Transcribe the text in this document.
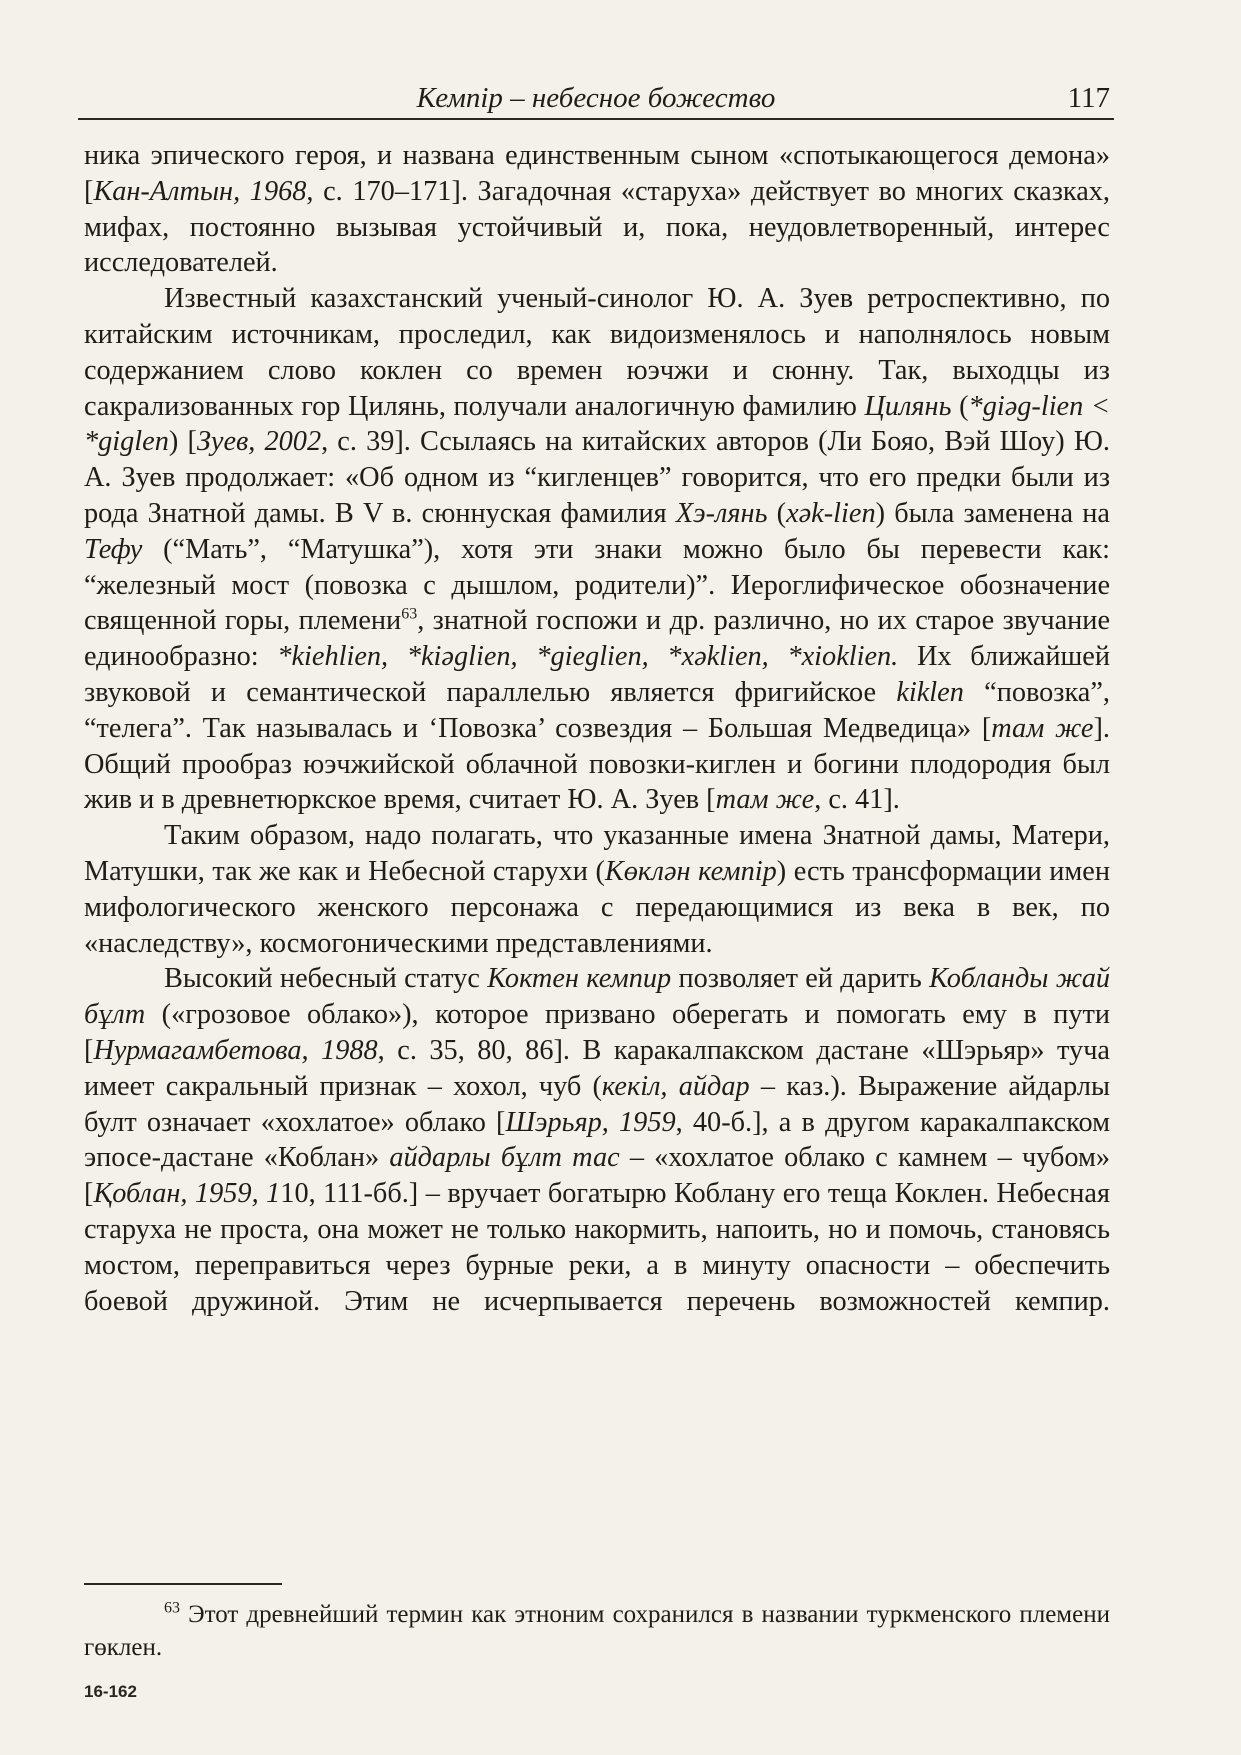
Кемпір – небесное божество	117

ника эпического героя, и названа единственным сыном «спотыкающегося демона» [Кан-Алтын, 1968, с. 170–171]. Загадочная «старуха» действует во многих сказках, мифах, постоянно вызывая устойчивый и, пока, неудовлетворенный, интерес исследователей.

Известный казахстанский ученый-синолог Ю. А. Зуев ретроспективно, по китайским источникам, проследил, как видоизменялось и наполнялось новым содержанием слово коклен со времен юэчжи и сюнну. Так, выходцы из сакрализованных гор Цилянь, получали аналогичную фамилию Цилянь (*giəg-lien < *giglen) [Зуев, 2002, с. 39]. Ссылаясь на китайских авторов (Ли Бояо, Вэй Шоу) Ю. А. Зуев продолжает: «Об одном из “кигленцев” говорится, что его предки были из рода Знатной дамы. В V в. сюннуская фамилия Хэ-лянь (xək-lien) была заменена на Тефу (“Мать”, “Матушка”), хотя эти знаки можно было бы перевести как: “железный мост (повозка с дышлом, родители)”. Иероглифическое обозначение священной горы, племени$^{63}$, знатной госпожи и др. различно, но их старое звучание единообразно: *kiehlien, *kiəglien, *gieglien, *xəklien, *xioklien. Их ближайшей звуковой и семантической параллелью является фригийское kiklen “повозка”, “телега”. Так называлась и ‘Повозка’ созвездия – Большая Медведица» [там же]. Общий прообраз юэчжийской облачной повозки-киглен и богини плодородия был жив и в древнетюркское время, считает Ю. А. Зуев [там же, с. 41].

Таким образом, надо полагать, что указанные имена Знатной дамы, Матери, Матушки, так же как и Небесной старухи (Көклəн кемпір) есть трансформации имен мифологического женского персонажа с передающимися из века в век, по «наследству», космогоническими представлениями.

Высокий небесный статус Коктен кемпир позволяет ей дарить Кобланды жай бұлт («грозовое облако»), которое призвано оберегать и помогать ему в пути [Нурмагамбетова, 1988, с. 35, 80, 86]. В каракалпакском дастане «Шэрьяр» туча имеет сакральный признак – хохол, чуб (кекіл, айдар – каз.). Выражение айдарлы булт означает «хохлатое» облако [Шэрьяр, 1959, 40-б.], а в другом каракалпакском эпосе-дастане «Коблан» айдарлы бұлт тас – «хохлатое облако с камнем – чубом» [Қоблан, 1959, 110, 111-бб.] – вручает богатырю Коблану его теща Коклен. Небесная старуха не проста, она может не только накормить, напоить, но и помочь, становясь мостом, переправиться через бурные реки, а в минуту опасности – обеспечить боевой дружиной. Этим не исчерпывается перечень возможностей кемпир.

$^{63}$ Этот древнейший термин как этноним сохранился в названии туркменского племени гөклен.
16-162
